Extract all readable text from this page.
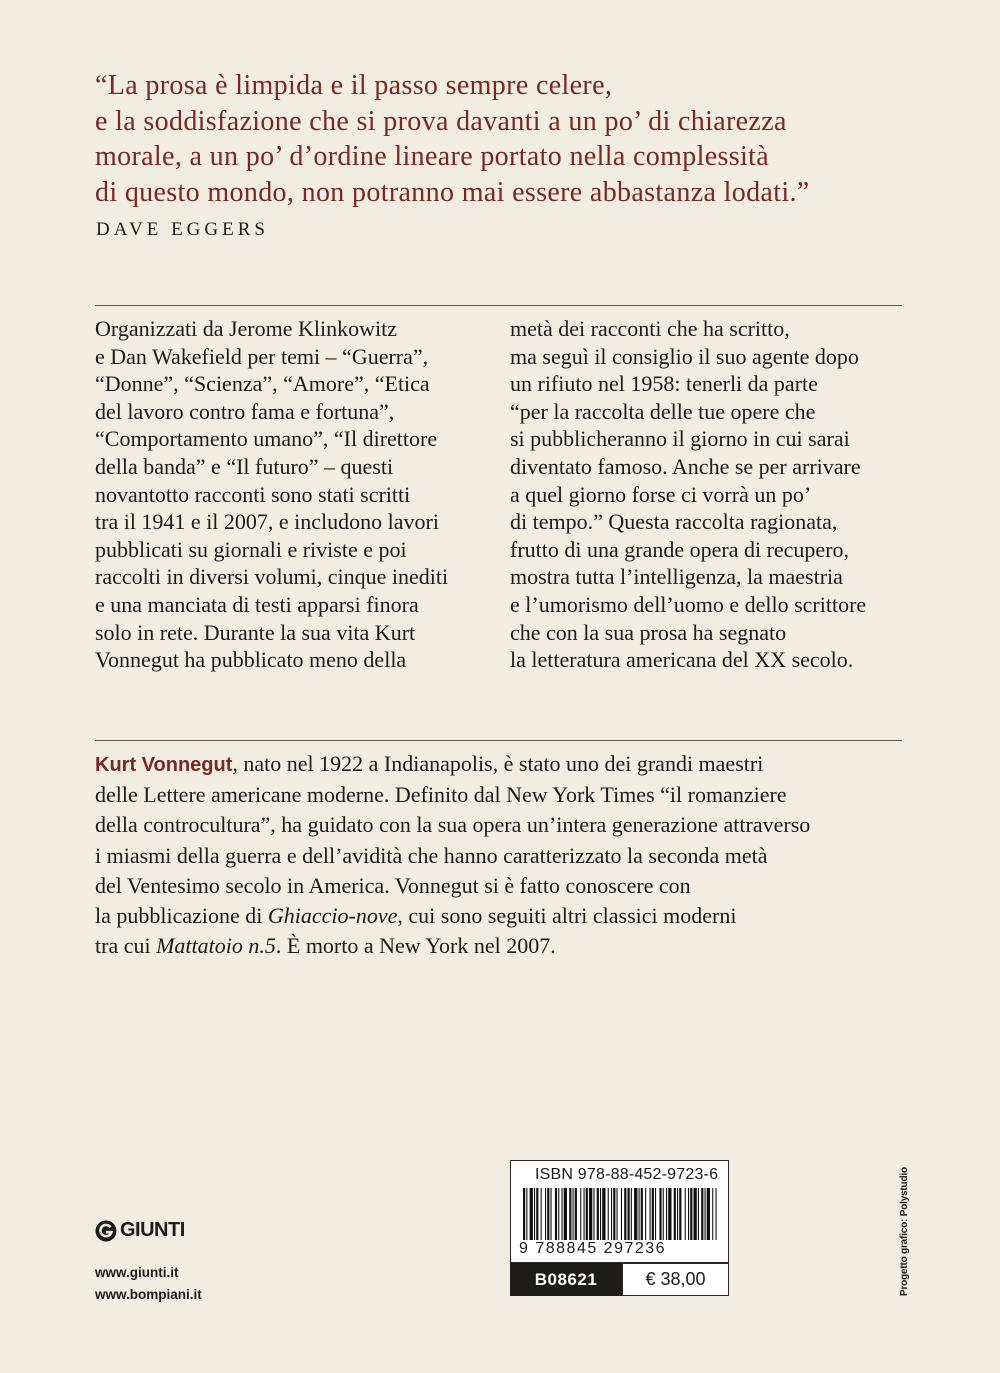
“La prosa è limpida e il passo sempre celere,
e la soddisfazione che si prova davanti a un po’ di chiarezza
morale, a un po’ d’ordine lineare portato nella complessità
di questo mondo, non potranno mai essere abbastanza lodati.”
DAVE EGGERS
Organizzati da Jerome Klinkowitz
e Dan Wakefield per temi – “Guerra”,
“Donne”, “Scienza”, “Amore”, “Etica
del lavoro contro fama e fortuna”,
“Comportamento umano”, “Il direttore
della banda” e “Il futuro” – questi
novantotto racconti sono stati scritti
tra il 1941 e il 2007, e includono lavori
pubblicati su giornali e riviste e poi
raccolti in diversi volumi, cinque inediti
e una manciata di testi apparsi finora
solo in rete. Durante la sua vita Kurt
Vonnegut ha pubblicato meno della
metà dei racconti che ha scritto,
ma seguì il consiglio il suo agente dopo
un rifiuto nel 1958: tenerli da parte
“per la raccolta delle tue opere che
si pubblicheranno il giorno in cui sarai
diventato famoso. Anche se per arrivare
a quel giorno forse ci vorrà un po’
di tempo.” Questa raccolta ragionata,
frutto di una grande opera di recupero,
mostra tutta l’intelligenza, la maestria
e l’umorismo dell’uomo e dello scrittore
che con la sua prosa ha segnato
la letteratura americana del XX secolo.
Kurt Vonnegut, nato nel 1922 a Indianapolis, è stato uno dei grandi maestri
delle Lettere americane moderne. Definito dal New York Times “il romanziere
della controcultura”, ha guidato con la sua opera un’intera generazione attraverso
i miasmi della guerra e dell’avidità che hanno caratterizzato la seconda metà
del Ventesimo secolo in America. Vonnegut si è fatto conoscere con
la pubblicazione di Ghiaccio-nove, cui sono seguiti altri classici moderni
tra cui Mattatoio n.5. È morto a New York nel 2007.
GIUNTI
www.giunti.it
www.bompiani.it
ISBN 978-88-452-9723-6
9 788845 297236
B08621	€ 38,00	Progetto grafico: Polystudio
